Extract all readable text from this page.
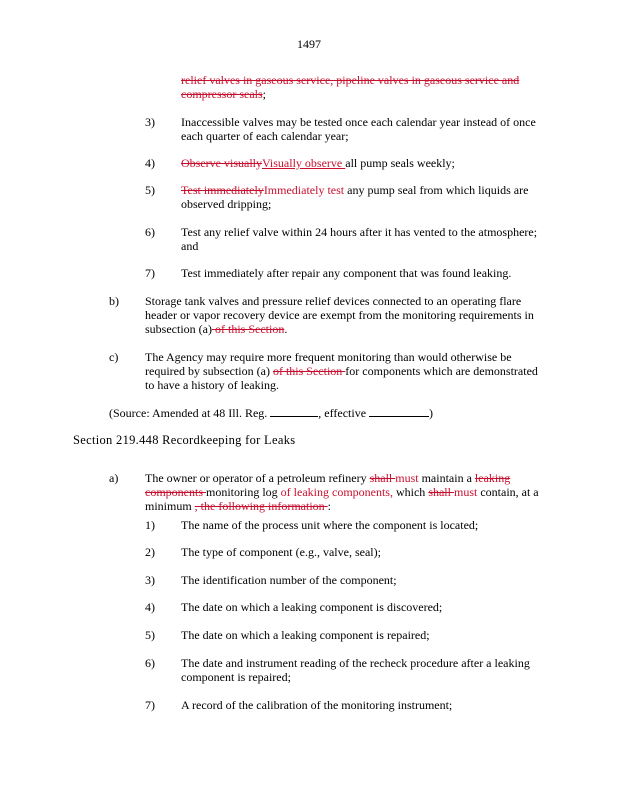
1497
relief valves in gaseous service, pipeline valves in gaseous service and compressor seals;
3) Inaccessible valves may be tested once each calendar year instead of once each quarter of each calendar year;
4) Observe visuallyVisually observe all pump seals weekly;
5) Test immediatelyImmediately test any pump seal from which liquids are observed dripping;
6) Test any relief valve within 24 hours after it has vented to the atmosphere; and
7) Test immediately after repair any component that was found leaking.
b) Storage tank valves and pressure relief devices connected to an operating flare header or vapor recovery device are exempt from the monitoring requirements in subsection (a) of this Section.
c) The Agency may require more frequent monitoring than would otherwise be required by subsection (a) of this Section for components which are demonstrated to have a history of leaking.
(Source: Amended at 48 Ill. Reg.	, effective	)
Section 219.448 Recordkeeping for Leaks
a) The owner or operator of a petroleum refinery shall must maintain a leaking components monitoring log of leaking components, which shall must contain, at a minimum , the following information :
1) The name of the process unit where the component is located;
2) The type of component (e.g., valve, seal);
3) The identification number of the component;
4) The date on which a leaking component is discovered;
5) The date on which a leaking component is repaired;
6) The date and instrument reading of the recheck procedure after a leaking component is repaired;
7) A record of the calibration of the monitoring instrument;
